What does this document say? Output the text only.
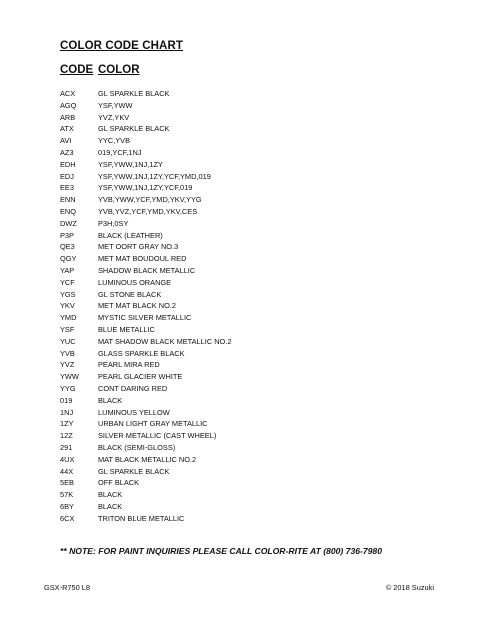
COLOR CODE CHART
CODE COLOR
ACX	GL SPARKLE BLACK
AGQ	YSF,YWW
ARB	YVZ,YKV
ATX	GL SPARKLE BLACK
AVI	YYC,YVB
AZ3	019,YCF,1NJ
EDH	YSF,YWW,1NJ,1ZY
EDJ	YSF,YWW,1NJ,1ZY,YCF,YMD,019
EE3	YSF,YWW,1NJ,1ZY,YCF,019
ENN	YVB,YWW,YCF,YMD,YKV,YYG
ENQ	YVB,YVZ,YCF,YMD,YKV,CES
DWZ	P3H,0SY
P3P	BLACK (LEATHER)
QE3	MET OORT GRAY NO.3
QGY	MET MAT BOUDOUL RED
YAP	SHADOW BLACK METALLIC
YCF	LUMINOUS ORANGE
YGS	GL STONE BLACK
YKV	MET MAT BLACK NO.2
YMD	MYSTIC SILVER METALLIC
YSF	BLUE METALLIC
YUC	MAT SHADOW BLACK METALLIC NO.2
YVB	GLASS SPARKLE BLACK
YVZ	PEARL MIRA RED
YWW	PEARL GLACIER WHITE
YYG	CONT DARING RED
019	BLACK
1NJ	LUMINOUS YELLOW
1ZY	URBAN LIGHT GRAY METALLIC
12Z	SILVER METALLIC (CAST WHEEL)
291	BLACK (SEMI-GLOSS)
4UX	MAT BLACK METALLIC NO.2
44X	GL SPARKLE BLACK
5EB	OFF BLACK
57K	BLACK
6BY	BLACK
6CX	TRITON BLUE METALLIC
** NOTE: FOR PAINT INQUIRIES PLEASE CALL COLOR-RITE AT (800) 736-7980
GSX-R750 L8	© 2018 Suzuki
